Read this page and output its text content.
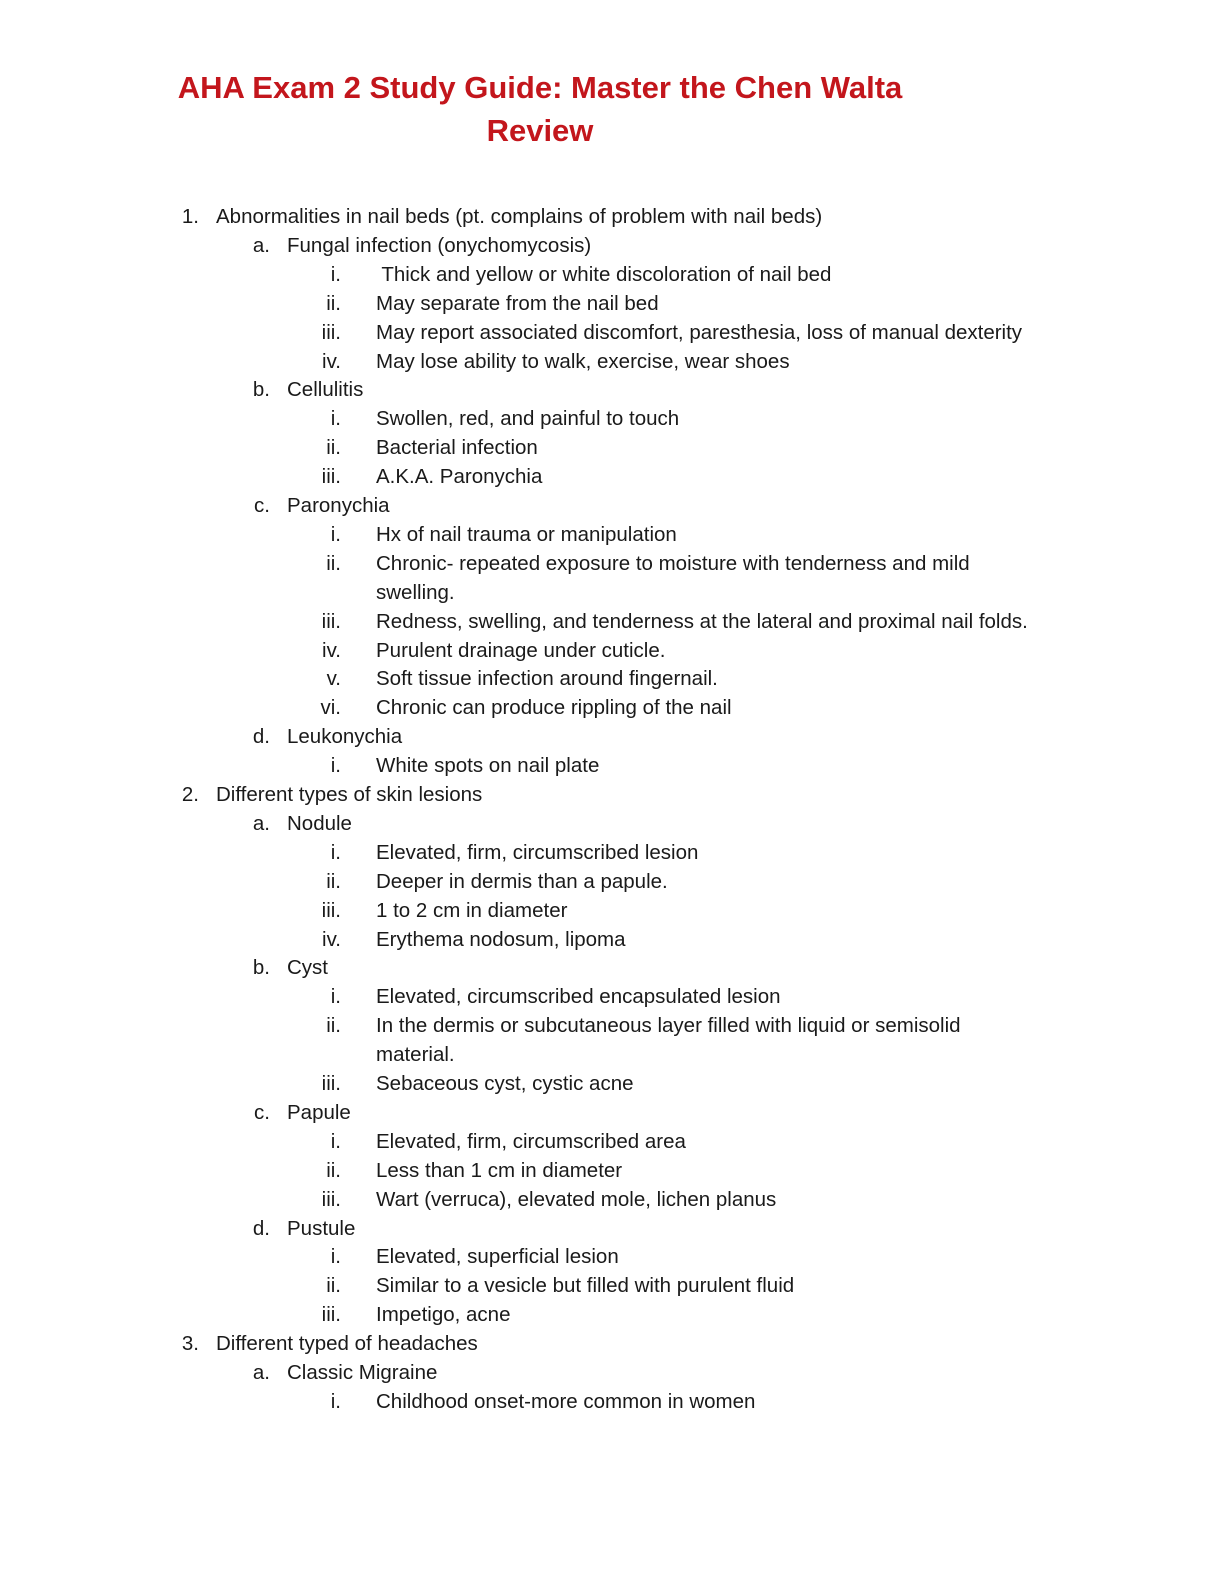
AHA Exam 2 Study Guide: Master the Chen Walta
Review
1. Abnormalities in nail beds (pt. complains of problem with nail beds)
a. Fungal infection (onychomycosis)
i. Thick and yellow or white discoloration of nail bed
ii. May separate from the nail bed
iii. May report associated discomfort, paresthesia, loss of manual dexterity
iv. May lose ability to walk, exercise, wear shoes
b. Cellulitis
i. Swollen, red, and painful to touch
ii. Bacterial infection
iii. A.K.A. Paronychia
c. Paronychia
i. Hx of nail trauma or manipulation
ii. Chronic- repeated exposure to moisture with tenderness and mild
swelling.
iii. Redness, swelling, and tenderness at the lateral and proximal nail folds.
iv. Purulent drainage under cuticle.
v. Soft tissue infection around fingernail.
vi. Chronic can produce rippling of the nail
d. Leukonychia
i. White spots on nail plate
2. Different types of skin lesions
a. Nodule
i. Elevated, firm, circumscribed lesion
ii. Deeper in dermis than a papule.
iii. 1 to 2 cm in diameter
iv. Erythema nodosum, lipoma
b. Cyst
i. Elevated, circumscribed encapsulated lesion
ii. In the dermis or subcutaneous layer filled with liquid or semisolid
material.
iii. Sebaceous cyst, cystic acne
c. Papule
i. Elevated, firm, circumscribed area
ii. Less than 1 cm in diameter
iii. Wart (verruca), elevated mole, lichen planus
d. Pustule
i. Elevated, superficial lesion
ii. Similar to a vesicle but filled with purulent fluid
iii. Impetigo, acne
3. Different typed of headaches
a. Classic Migraine
i. Childhood onset-more common in women
